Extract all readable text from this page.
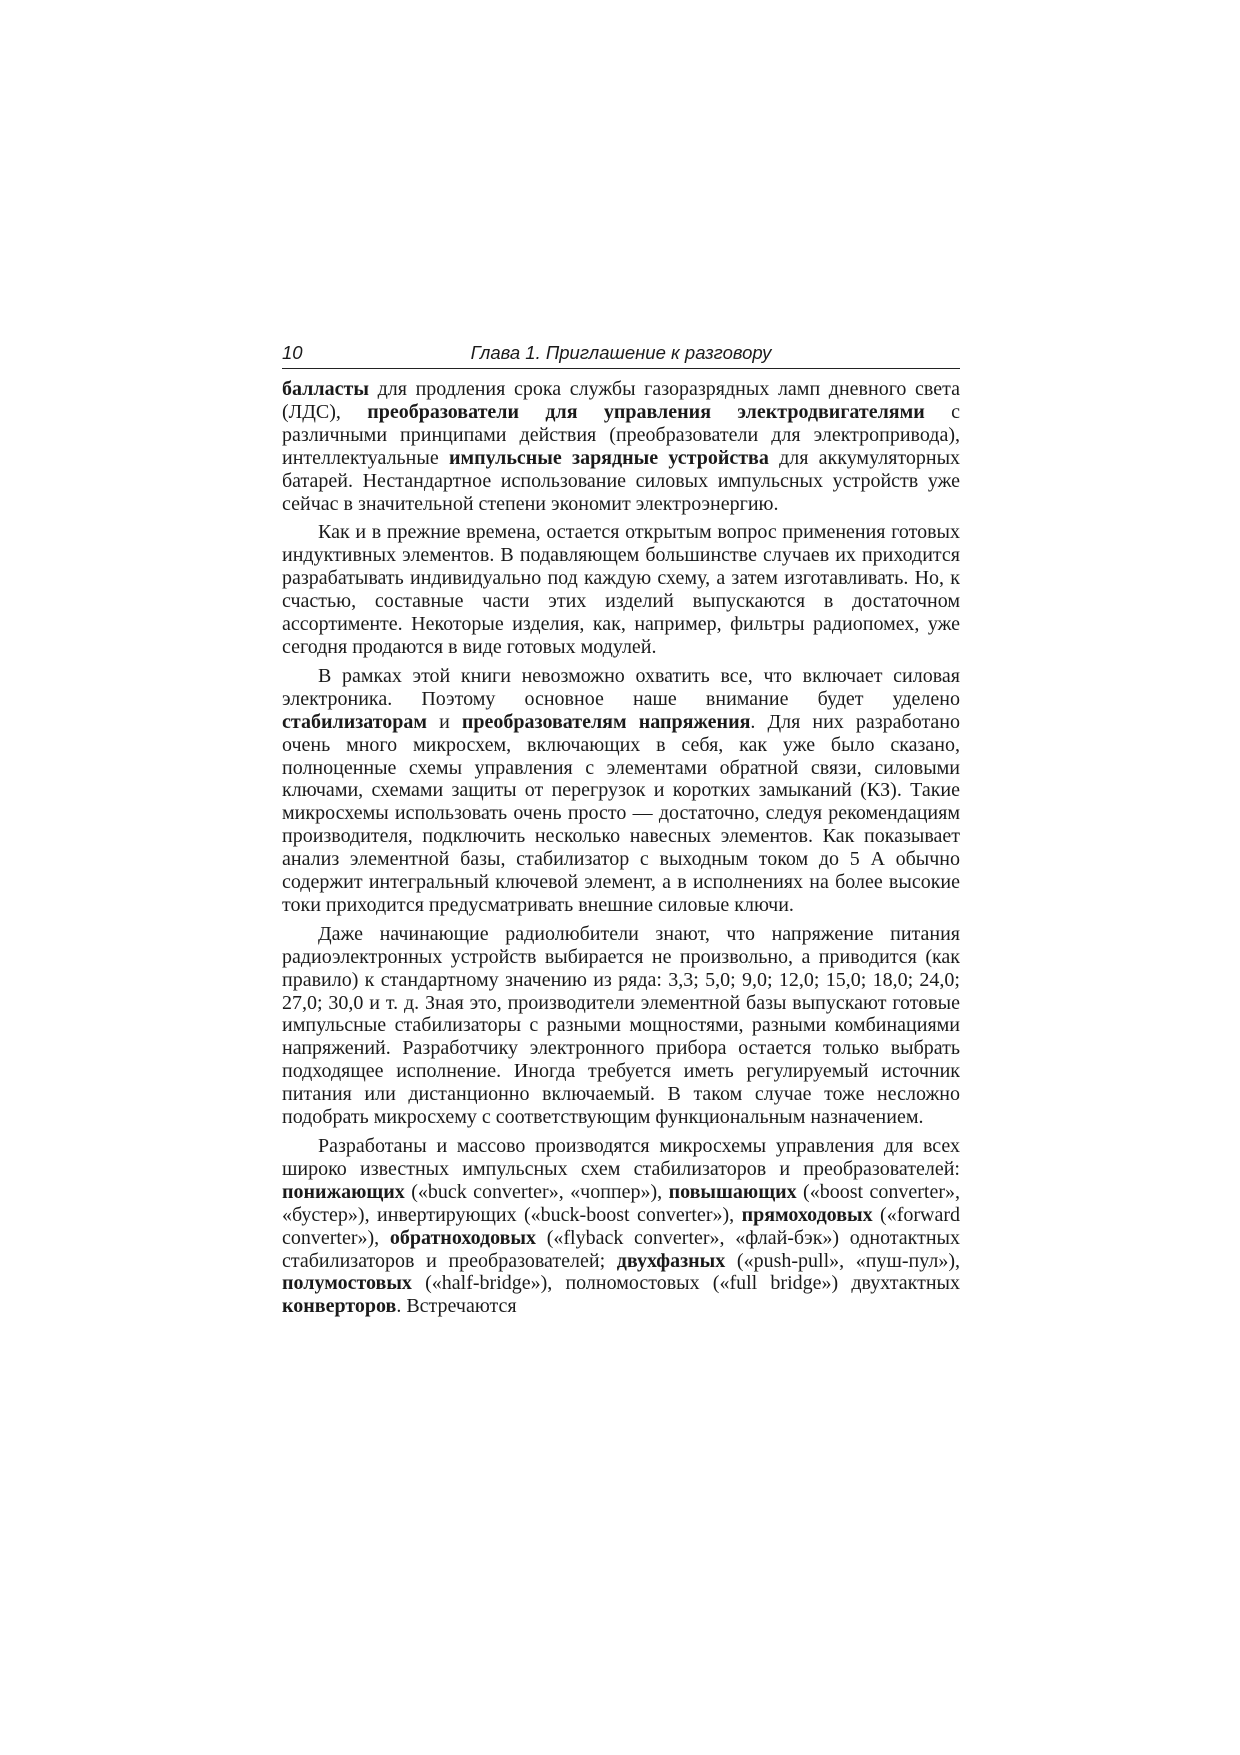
10	Глава 1. Приглашение к разговору

балласты для продления срока службы газоразрядных ламп дневного света (ЛДС), преобразователи для управления электродвигателями с различными принципами действия (преобразователи для электропривода), интеллектуальные импульсные зарядные устройства для аккумуляторных батарей. Нестандартное использование силовых импульсных устройств уже сейчас в значительной степени экономит электроэнергию.

Как и в прежние времена, остается открытым вопрос применения готовых индуктивных элементов. В подавляющем большинстве случаев их приходится разрабатывать индивидуально под каждую схему, а затем изготавливать. Но, к счастью, составные части этих изделий выпускаются в достаточном ассортименте. Некоторые изделия, как, например, фильтры радиопомех, уже сегодня продаются в виде готовых модулей.

В рамках этой книги невозможно охватить все, что включает силовая электроника. Поэтому основное наше внимание будет уделено стабилизаторам и преобразователям напряжения. Для них разработано очень много микросхем, включающих в себя, как уже было сказано, полноценные схемы управления с элементами обратной связи, силовыми ключами, схемами защиты от перегрузок и коротких замыканий (КЗ). Такие микросхемы использовать очень просто — достаточно, следуя рекомендациям производителя, подключить несколько навесных элементов. Как показывает анализ элементной базы, стабилизатор с выходным током до 5 А обычно содержит интегральный ключевой элемент, а в исполнениях на более высокие токи приходится предусматривать внешние силовые ключи.

Даже начинающие радиолюбители знают, что напряжение питания радиоэлектронных устройств выбирается не произвольно, а приводится (как правило) к стандартному значению из ряда: 3,3; 5,0; 9,0; 12,0; 15,0; 18,0; 24,0; 27,0; 30,0 и т. д. Зная это, производители элементной базы выпускают готовые импульсные стабилизаторы с разными мощностями, разными комбинациями напряжений. Разработчику электронного прибора остается только выбрать подходящее исполнение. Иногда требуется иметь регулируемый источник питания или дистанционно включаемый. В таком случае тоже несложно подобрать микросхему с соответствующим функциональным назначением.

Разработаны и массово производятся микросхемы управления для всех широко известных импульсных схем стабилизаторов и преобразователей: понижающих («buck converter», «чоппер»), повышающих («boost converter», «бустер»), инвертирующих («buck-boost converter»), прямоходовых («forward converter»), обратноходовых («flyback converter», «флай-бэк») однотактных стабилизаторов и преобразователей; двухфазных («push-pull», «пуш-пул»), полумостовых («half-bridge»), полномостовых («full bridge») двухтактных конверторов. Встречаются
